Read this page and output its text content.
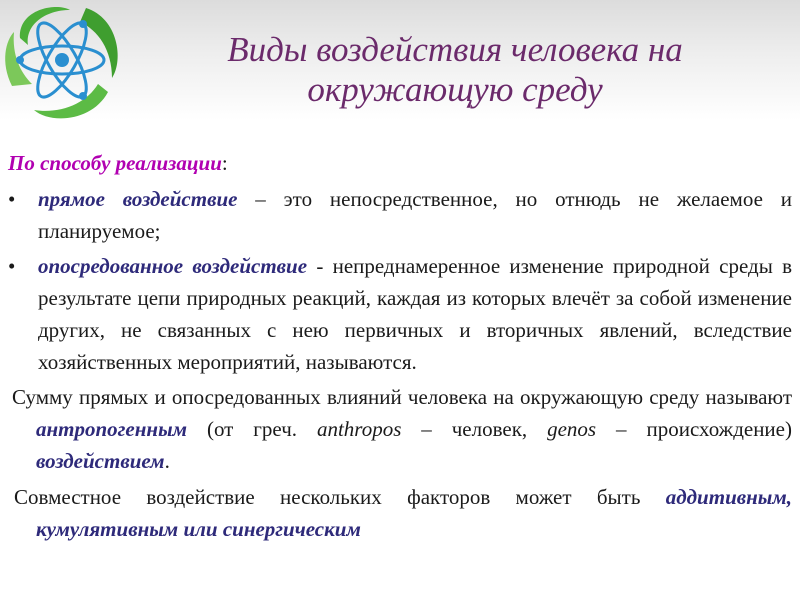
Виды воздействия человека на
окружающую среду
По способу реализации:
• прямое воздействие – это непосредственное, но отнюдь не желаемое и планируемое;
• опосредованное воздействие - непреднамеренное изменение природной среды в результате цепи природных реакций, каждая из которых влечёт за собой изменение других, не связанных с нею первичных и вторичных явлений, вследствие хозяйственных мероприятий, называются.

Сумму прямых и опосредованных влияний человека на окружающую среду называют антропогенным (от греч. anthropos – человек, genos – происхождение) воздействием.

Совместное воздействие нескольких факторов может быть аддитивным, кумулятивным или синергическим
